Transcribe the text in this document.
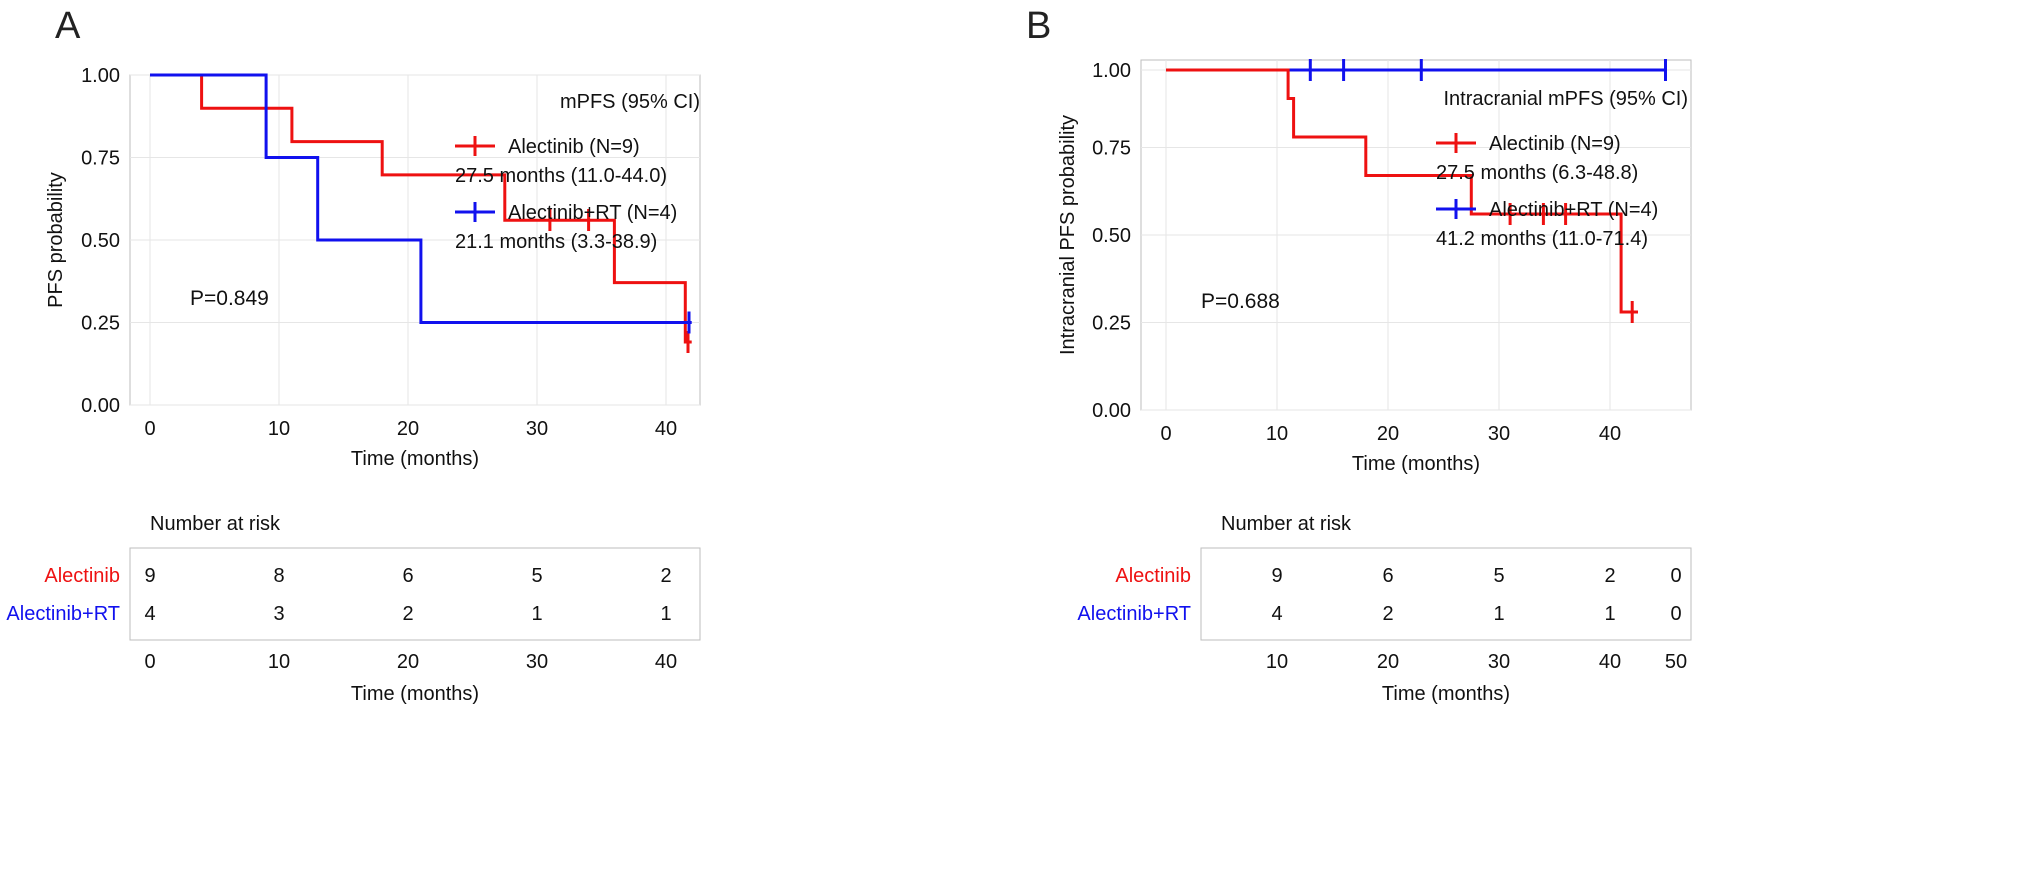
A
0.00
0.25
0.50
0.75
1.00
0	10	20	30	40
Time (months)
PFS probability	P=0.849
mPFS (95% CI)
Alectinib (N=9)
27.5 months (11.0-44.0)
Alectinib+RT (N=4)
21.1 months (3.3-38.9)
Number at risk
Alectinib
Alectinib+RT
9	8	6	5	2
4	3	2	1	1
0	10	20	30	40
Time (months)
B
0.00
0.25
0.50
0.75
1.00
0	10	20	30	40
Time (months)
Intracranial PFS probability	P=0.688
Intracranial mPFS (95% CI)
Alectinib (N=9)
27.5 months (6.3-48.8)
Alectinib+RT (N=4)
41.2 months (11.0-71.4)
Number at risk
Alectinib
Alectinib+RT
9	6	5	2	0
4	2	1	1	0
10	20	30	40 50
Time (months)
